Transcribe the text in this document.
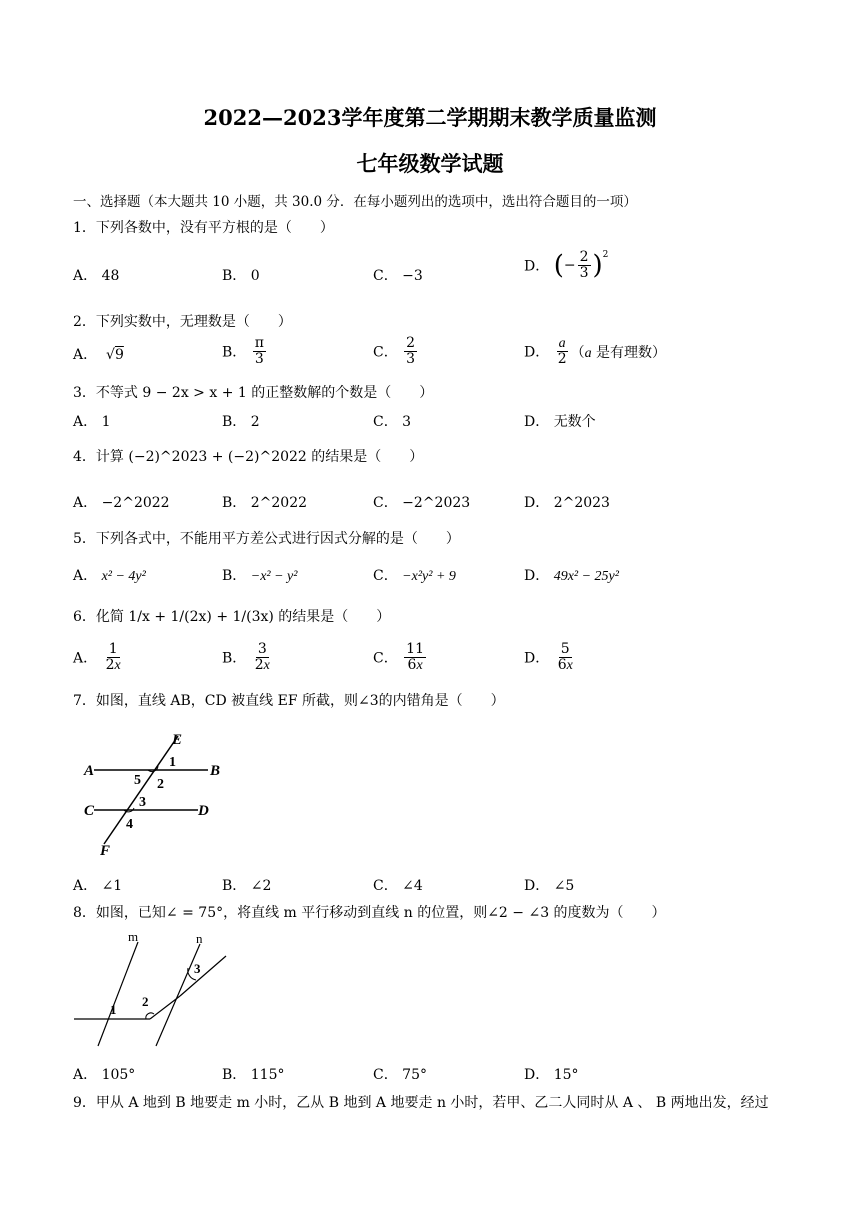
2022—2023学年度第二学期期末教学质量监测
七年级数学试题
一、选择题（本大题共 10 小题，共 30.0 分．在每小题列出的选项中，选出符合题目的一项）
1．下列各数中，没有平方根的是（　　）
A． 48	B． 0	C． −3
D． (− $\frac{2}{3} )^2$
2．下列实数中，无理数是（　　）
A．  √9	B． $\frac{\pi}{3}$	C． $\frac{2}{3}$	D． $\frac{a}{2} (a$ 是有理数）
3．不等式 9 − 2x > x + 1 的正整数解的个数是（　　）
A． 1	B． 2	C． 3	D． 无数个
4．计算 (−2)^2023 + (−2)^2022 的结果是（　　）
A． −2^2022	B． 2^2022	C． −2^2023	D． 2^2023
5．下列各式中，不能用平方差公式进行因式分解的是（　　）
A． x² − 4y²	B． −x² − y²	C． −x²y² + 9	D． 49x² − 25y²
6．化简 1/x + 1/(2x) + 1/(3x) 的结果是（　　）
A． $\frac{1}{2x}$	B． $\frac{3}{2x}$	C． $\frac{11}{6x}$	D． $\frac{5}{6x}$
7．如图，直线 AB，CD 被直线 EF 所截，则∠3的内错角是（　　）
E
A
1
B
5 2
C
3
D
4
F
A． ∠1	B． ∠2	C． ∠4	D． ∠5
8．如图，已知∠ = 75°，将直线 m 平行移动到直线 n 的位置，则∠2 − ∠3 的度数为（　　）
m	n
3
2
1
A． 105°	B． 115°	C． 75°	D． 15°
9．甲从 A 地到 B 地要走 m 小时，乙从 B 地到 A 地要走 n 小时，若甲、乙二人同时从 A 、 B 两地出发，经过
